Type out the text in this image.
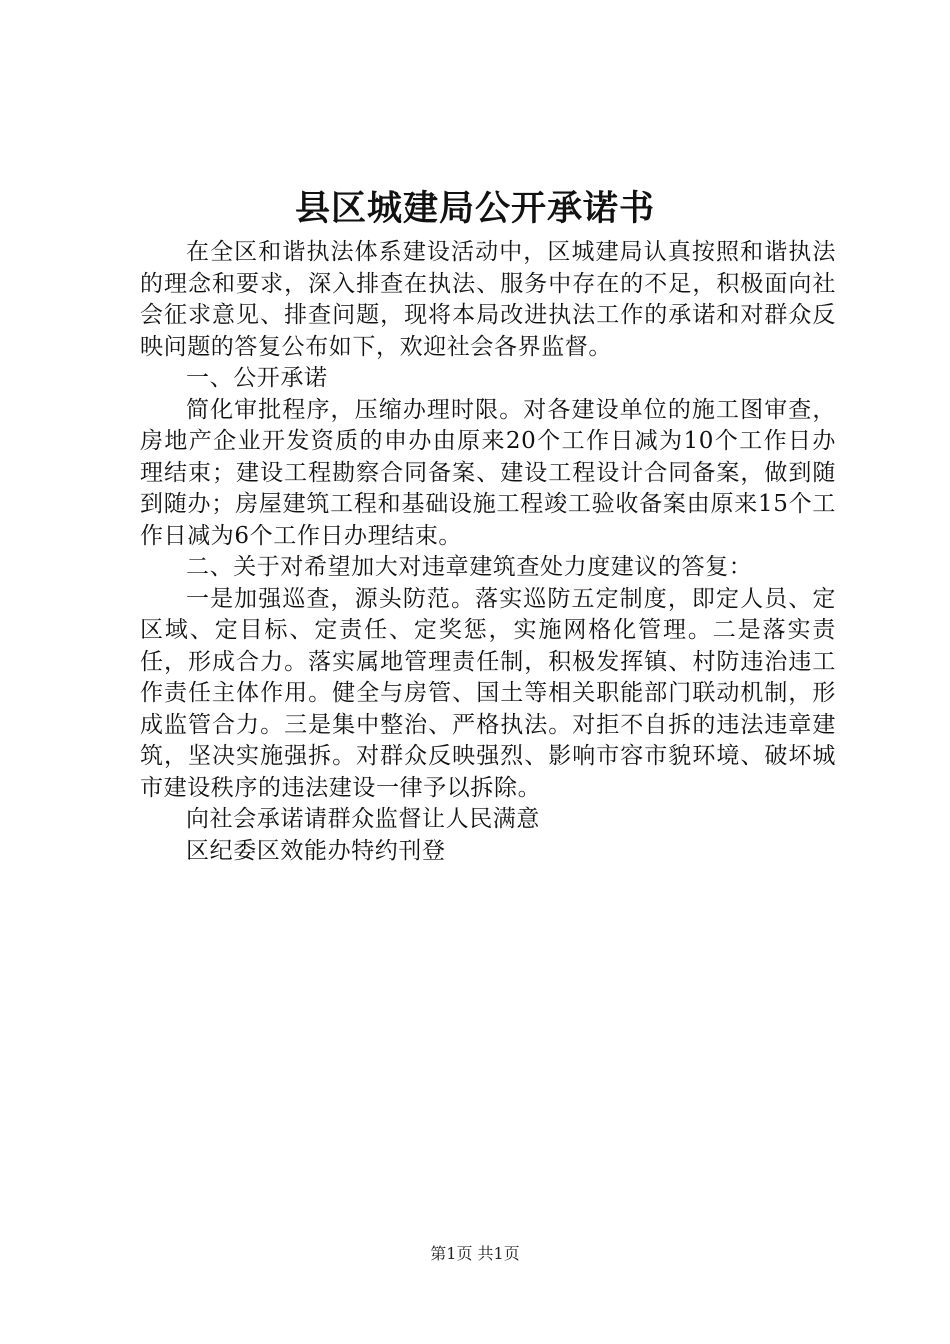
县区城建局公开承诺书

在全区和谐执法体系建设活动中，区城建局认真按照和谐执法的理念和要求，深入排查在执法、服务中存在的不足，积极面向社会征求意见、排查问题，现将本局改进执法工作的承诺和对群众反映问题的答复公布如下，欢迎社会各界监督。

一、公开承诺

简化审批程序，压缩办理时限。对各建设单位的施工图审查，房地产企业开发资质的申办由原来20个工作日减为10个工作日办理结束；建设工程勘察合同备案、建设工程设计合同备案，做到随到随办；房屋建筑工程和基础设施工程竣工验收备案由原来15个工作日减为6个工作日办理结束。

二、关于对希望加大对违章建筑查处力度建议的答复：

一是加强巡查，源头防范。落实巡防五定制度，即定人员、定区域、定目标、定责任、定奖惩，实施网格化管理。二是落实责任，形成合力。落实属地管理责任制，积极发挥镇、村防违治违工作责任主体作用。健全与房管、国土等相关职能部门联动机制，形成监管合力。三是集中整治、严格执法。对拒不自拆的违法违章建筑，坚决实施强拆。对群众反映强烈、影响市容市貌环境、破坏城市建设秩序的违法建设一律予以拆除。

向社会承诺请群众监督让人民满意

区纪委区效能办特约刊登

第1页 共1页
